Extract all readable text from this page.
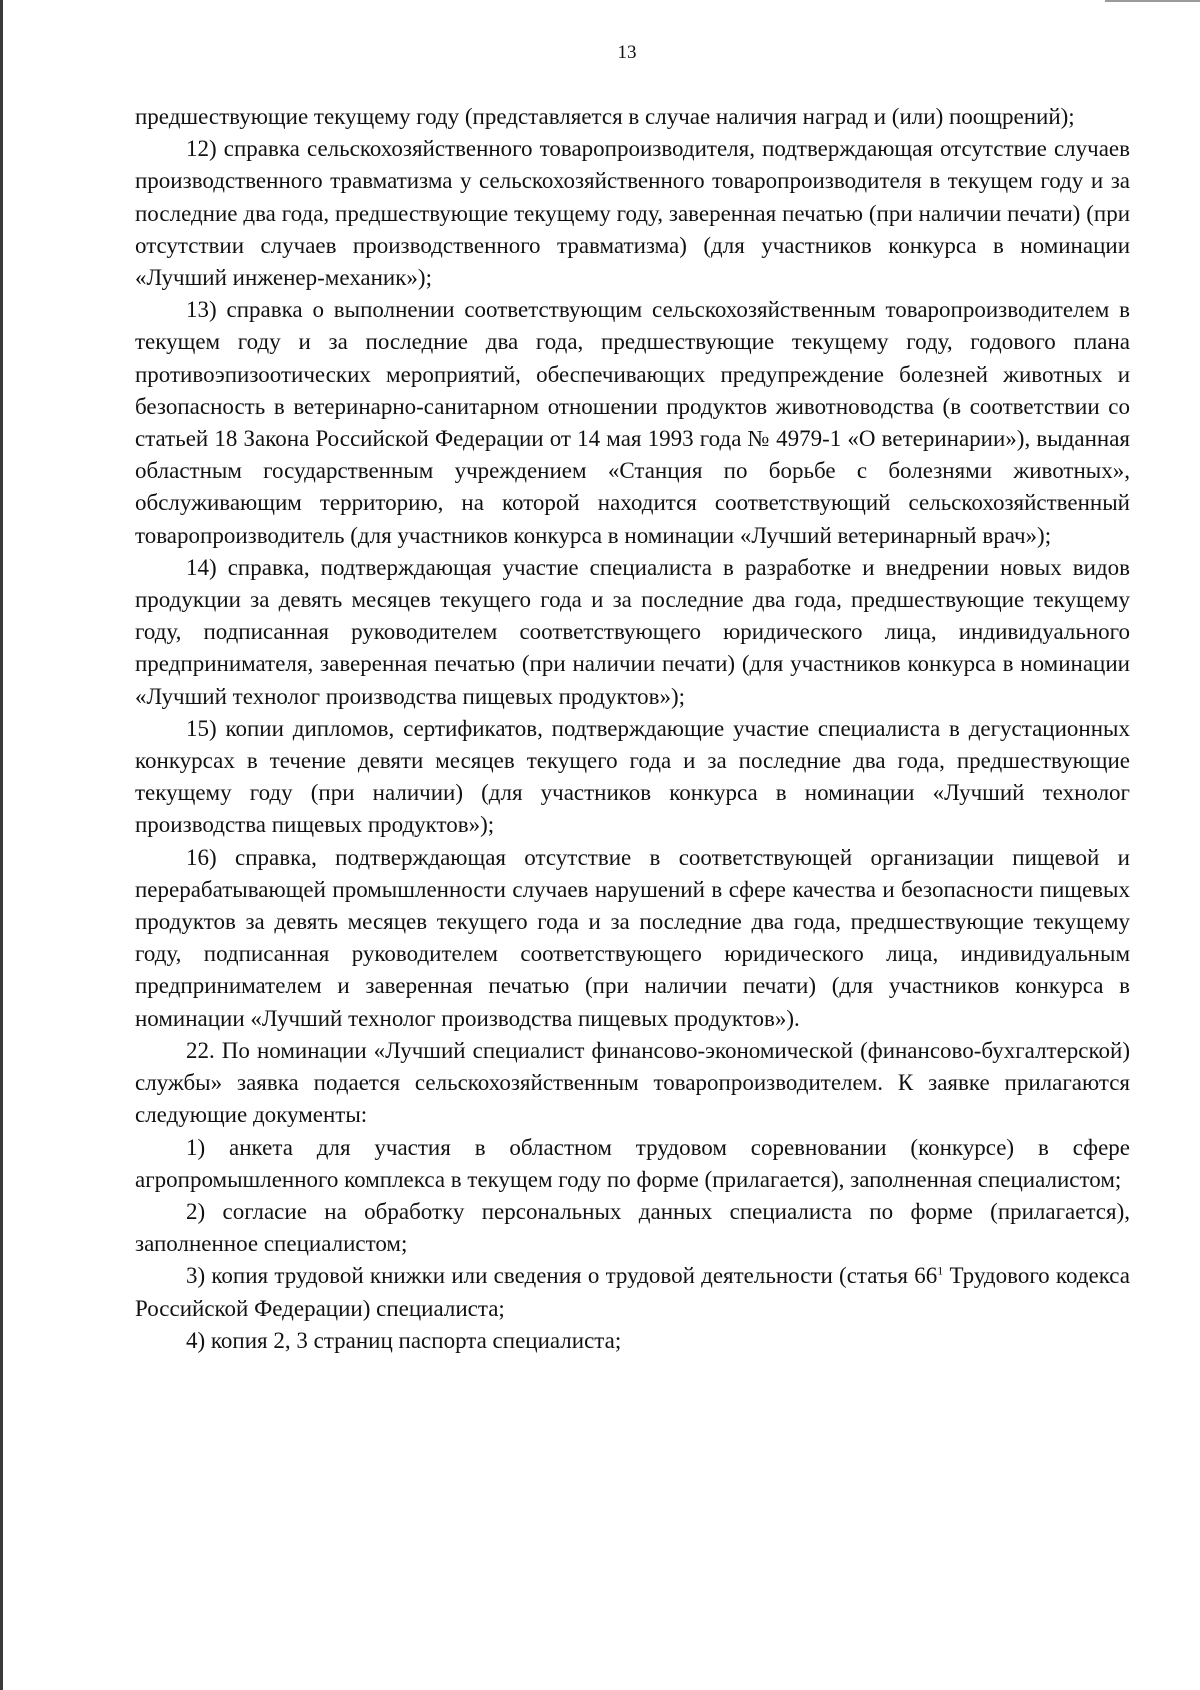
13

предшествующие текущему году (представляется в случае наличия наград и (или) поощрений);

12) справка сельскохозяйственного товаропроизводителя, подтверждающая отсутствие случаев производственного травматизма у сельскохозяйственного товаропроизводителя в текущем году и за последние два года, предшествующие текущему году, заверенная печатью (при наличии печати) (при отсутствии случаев производственного травматизма) (для участников конкурса в номинации «Лучший инженер-механик»);

13) справка о выполнении соответствующим сельскохозяйственным товаропроизводителем в текущем году и за последние два года, предшествующие текущему году, годового плана противоэпизоотических мероприятий, обеспечивающих предупреждение болезней животных и безопасность в ветеринарно-санитарном отношении продуктов животноводства (в соответствии со статьей 18 Закона Российской Федерации от 14 мая 1993 года № 4979-1 «О ветеринарии»), выданная областным государственным учреждением «Станция по борьбе с болезнями животных», обслуживающим территорию, на которой находится соответствующий сельскохозяйственный товаропроизводитель (для участников конкурса в номинации «Лучший ветеринарный врач»);

14) справка, подтверждающая участие специалиста в разработке и внедрении новых видов продукции за девять месяцев текущего года и за последние два года, предшествующие текущему году, подписанная руководителем соответствующего юридического лица, индивидуального предпринимателя, заверенная печатью (при наличии печати) (для участников конкурса в номинации «Лучший технолог производства пищевых продуктов»);

15) копии дипломов, сертификатов, подтверждающие участие специалиста в дегустационных конкурсах в течение девяти месяцев текущего года и за последние два года, предшествующие текущему году (при наличии) (для участников конкурса в номинации «Лучший технолог производства пищевых продуктов»);

16) справка, подтверждающая отсутствие в соответствующей организации пищевой и перерабатывающей промышленности случаев нарушений в сфере качества и безопасности пищевых продуктов за девять месяцев текущего года и за последние два года, предшествующие текущему году, подписанная руководителем соответствующего юридического лица, индивидуальным предпринимателем и заверенная печатью (при наличии печати) (для участников конкурса в номинации «Лучший технолог производства пищевых продуктов»).

22. По номинации «Лучший специалист финансово-экономической (финансово-бухгалтерской) службы» заявка подается сельскохозяйственным товаропроизводителем. К заявке прилагаются следующие документы:

1) анкета для участия в областном трудовом соревновании (конкурсе) в сфере агропромышленного комплекса в текущем году по форме (прилагается), заполненная специалистом;

2) согласие на обработку персональных данных специалиста по форме (прилагается), заполненное специалистом;

3) копия трудовой книжки или сведения о трудовой деятельности (статья $66^1$ Трудового кодекса Российской Федерации) специалиста;

4) копия 2, 3 страниц паспорта специалиста;
